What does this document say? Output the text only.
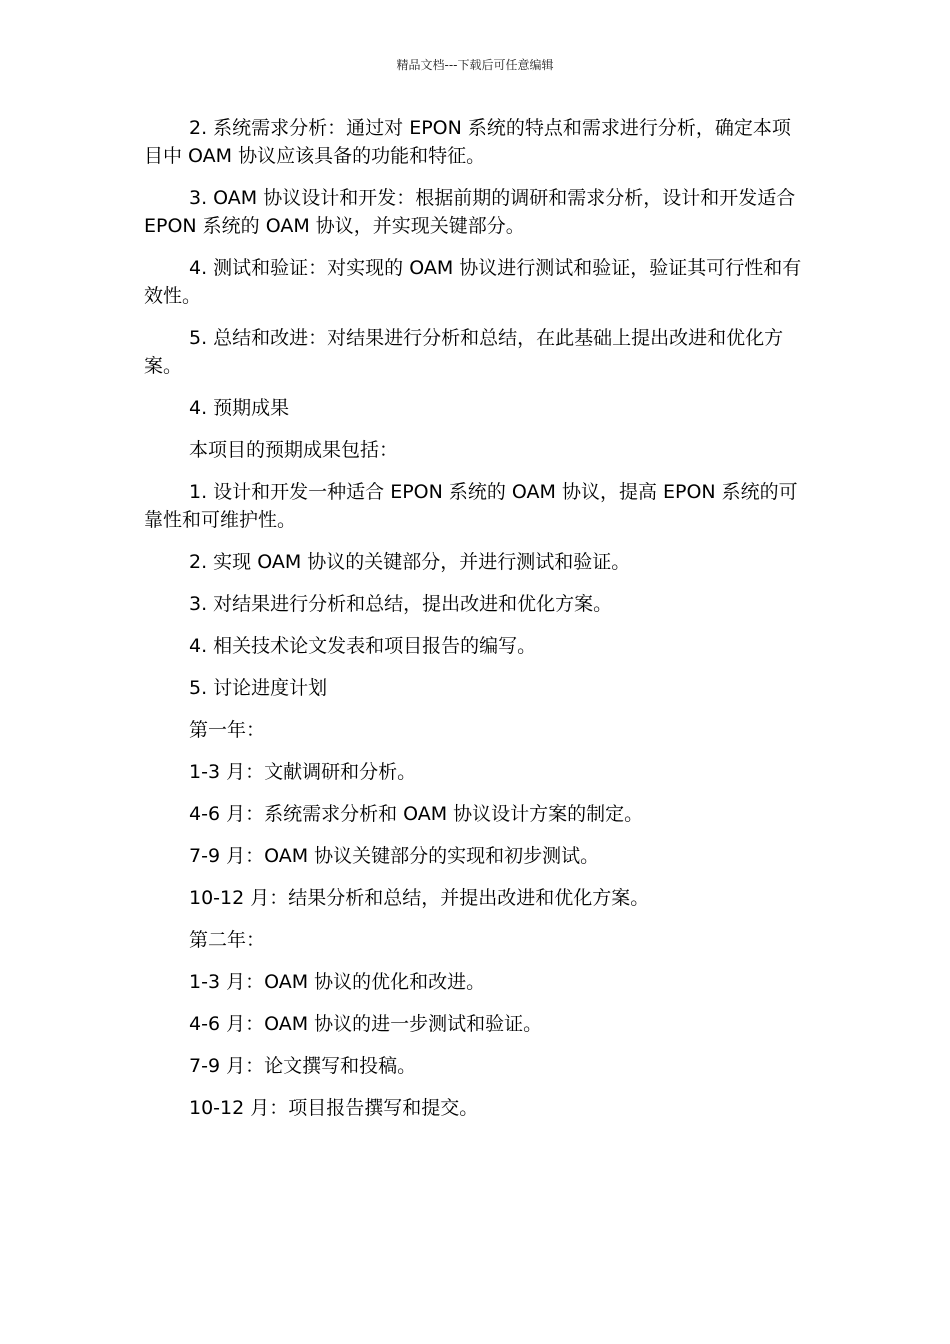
精品文档---下载后可任意编辑

2. 系统需求分析：通过对 EPON 系统的特点和需求进行分析，确定本项目中 OAM 协议应该具备的功能和特征。

3. OAM 协议设计和开发：根据前期的调研和需求分析，设计和开发适合 EPON 系统的 OAM 协议，并实现关键部分。

4. 测试和验证：对实现的 OAM 协议进行测试和验证，验证其可行性和有效性。

5. 总结和改进：对结果进行分析和总结，在此基础上提出改进和优化方案。

4. 预期成果

本项目的预期成果包括：

1. 设计和开发一种适合 EPON 系统的 OAM 协议，提高 EPON 系统的可靠性和可维护性。

2. 实现 OAM 协议的关键部分，并进行测试和验证。

3. 对结果进行分析和总结，提出改进和优化方案。

4. 相关技术论文发表和项目报告的编写。

5. 讨论进度计划

第一年：

1-3 月：文献调研和分析。

4-6 月：系统需求分析和 OAM 协议设计方案的制定。

7-9 月：OAM 协议关键部分的实现和初步测试。

10-12 月：结果分析和总结，并提出改进和优化方案。

第二年：

1-3 月：OAM 协议的优化和改进。

4-6 月：OAM 协议的进一步测试和验证。

7-9 月：论文撰写和投稿。

10-12 月：项目报告撰写和提交。
